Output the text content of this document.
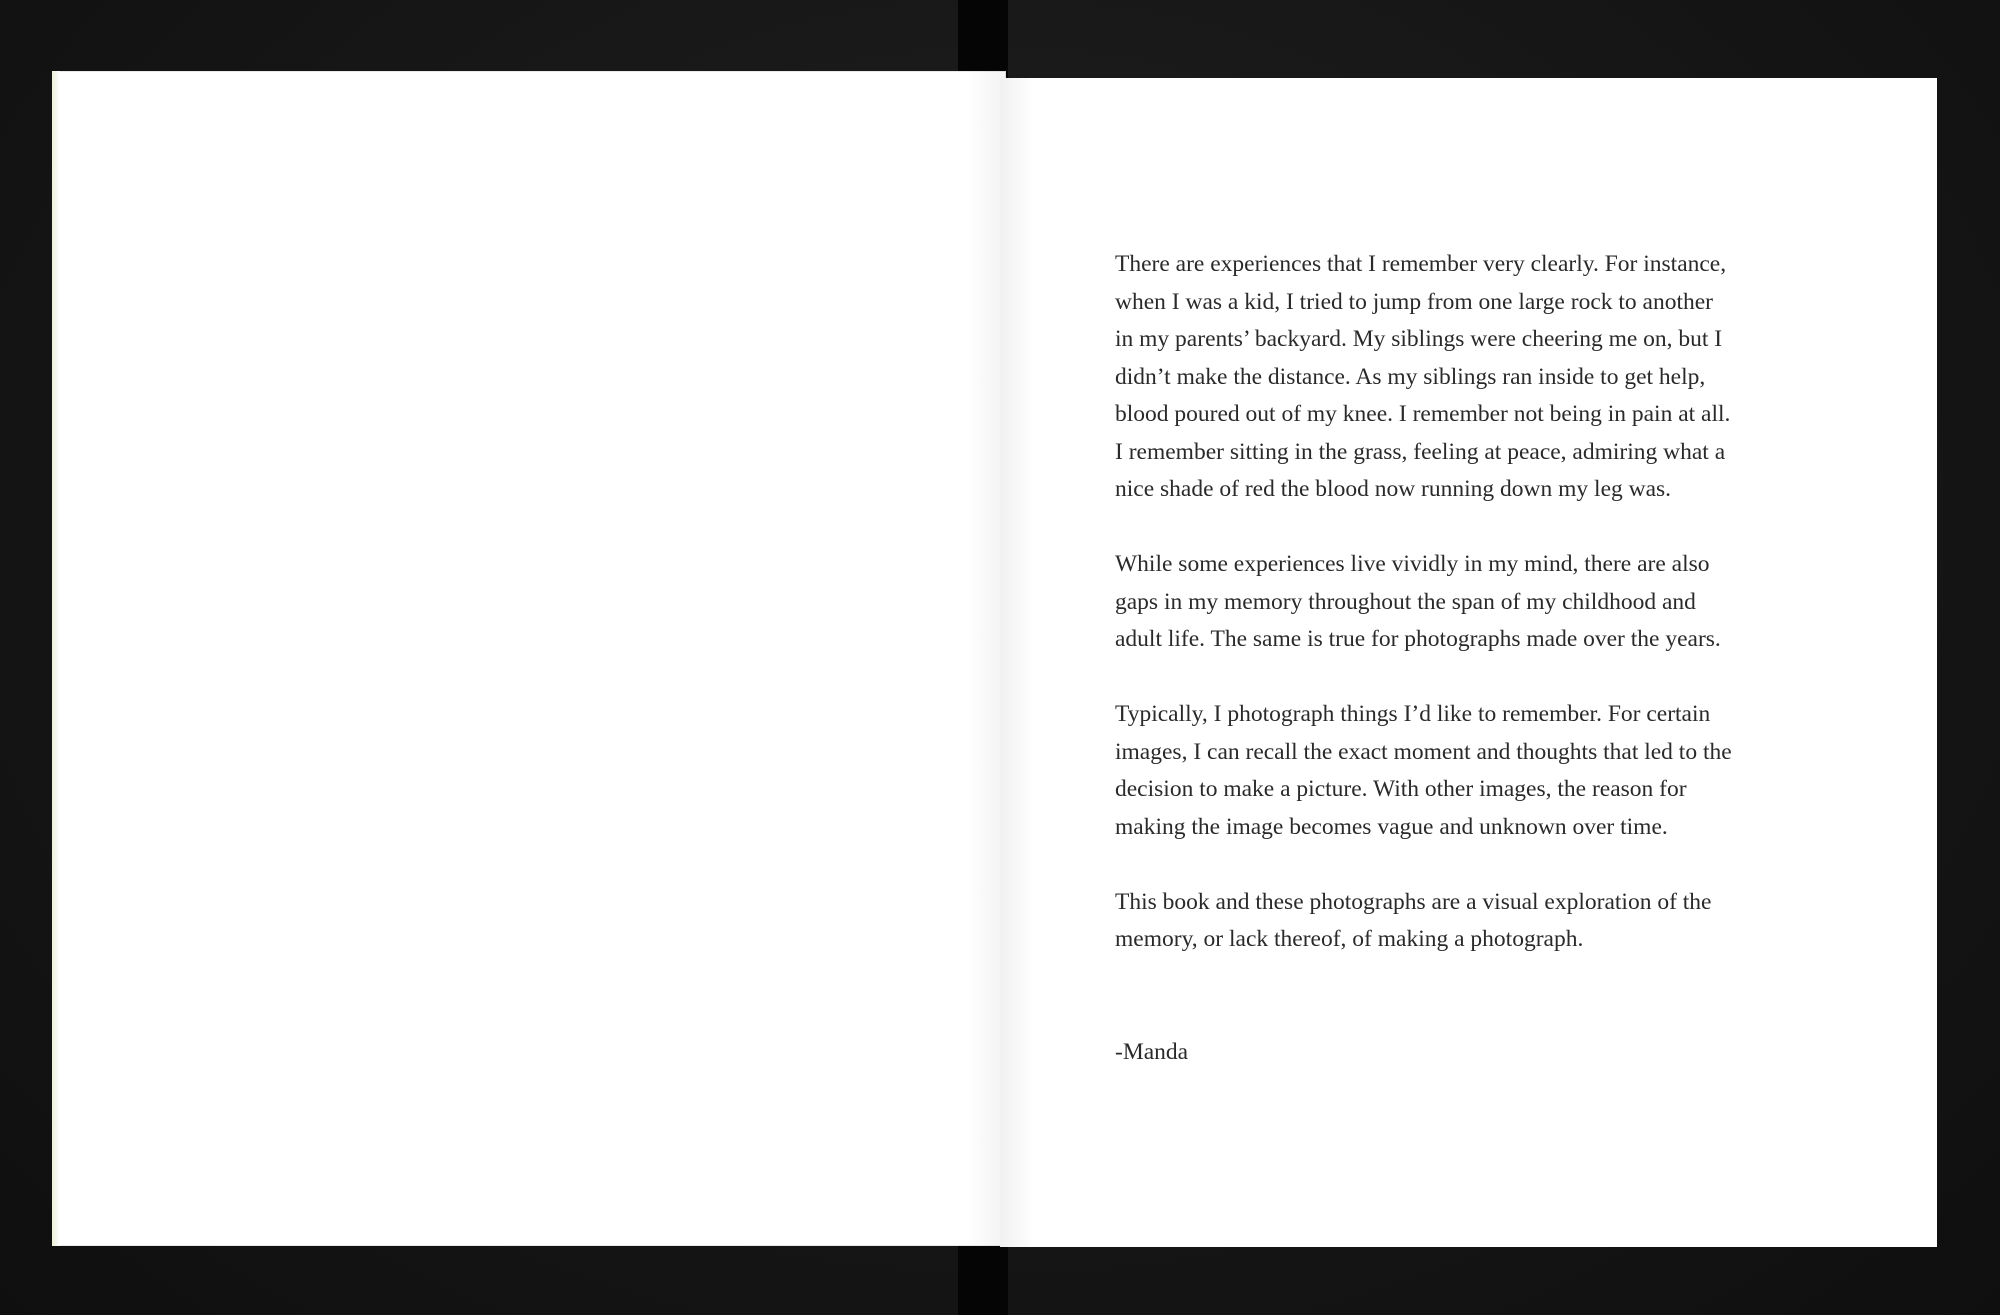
There are experiences that I remember very clearly. For instance,
when I was a kid, I tried to jump from one large rock to another
in my parents’ backyard. My siblings were cheering me on, but I
didn’t make the distance. As my siblings ran inside to get help,
blood poured out of my knee. I remember not being in pain at all.
I remember sitting in the grass, feeling at peace, admiring what a
nice shade of red the blood now running down my leg was.

While some experiences live vividly in my mind, there are also
gaps in my memory throughout the span of my childhood and
adult life. The same is true for photographs made over the years.

Typically, I photograph things I’d like to remember. For certain
images, I can recall the exact moment and thoughts that led to the
decision to make a picture. With other images, the reason for
making the image becomes vague and unknown over time.

This book and these photographs are a visual exploration of the
memory, or lack thereof, of making a photograph.

-Manda
